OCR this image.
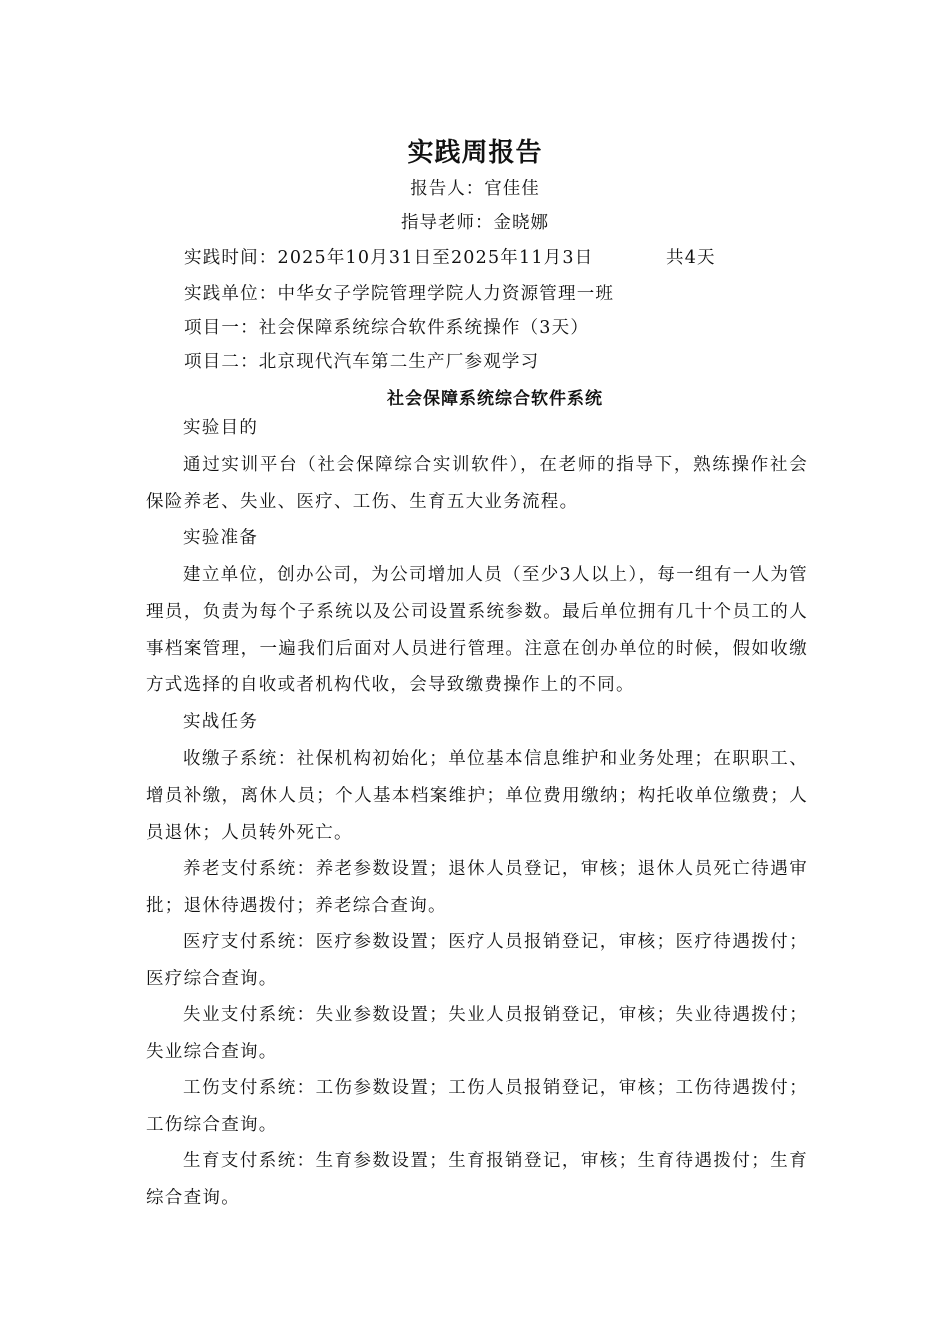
实践周报告
报告人：官佳佳
指导老师：金晓娜
实践时间：2025年10月31日至2025年11月3日	共4天
实践单位：中华女子学院管理学院人力资源管理一班
项目一：社会保障系统综合软件系统操作（3天）
项目二：北京现代汽车第二生产厂参观学习
社会保障系统综合软件系统

实验目的

通过实训平台（社会保障综合实训软件），在老师的指导下，熟练操作社会保险养老、失业、医疗、工伤、生育五大业务流程。

实验准备

建立单位，创办公司，为公司增加人员（至少3人以上），每一组有一人为管理员，负责为每个子系统以及公司设置系统参数。最后单位拥有几十个员工的人事档案管理，一遍我们后面对人员进行管理。注意在创办单位的时候，假如收缴方式选择的自收或者机构代收，会导致缴费操作上的不同。

实战任务

收缴子系统：社保机构初始化；单位基本信息维护和业务处理；在职职工、增员补缴，离休人员；个人基本档案维护；单位费用缴纳；构托收单位缴费；人员退休；人员转外死亡。

养老支付系统：养老参数设置；退休人员登记，审核；退休人员死亡待遇审批；退休待遇拨付；养老综合查询。

医疗支付系统：医疗参数设置；医疗人员报销登记，审核；医疗待遇拨付；医疗综合查询。

失业支付系统：失业参数设置；失业人员报销登记，审核；失业待遇拨付；失业综合查询。

工伤支付系统：工伤参数设置；工伤人员报销登记，审核；工伤待遇拨付；工伤综合查询。

生育支付系统：生育参数设置；生育报销登记，审核；生育待遇拨付；生育综合查询。
